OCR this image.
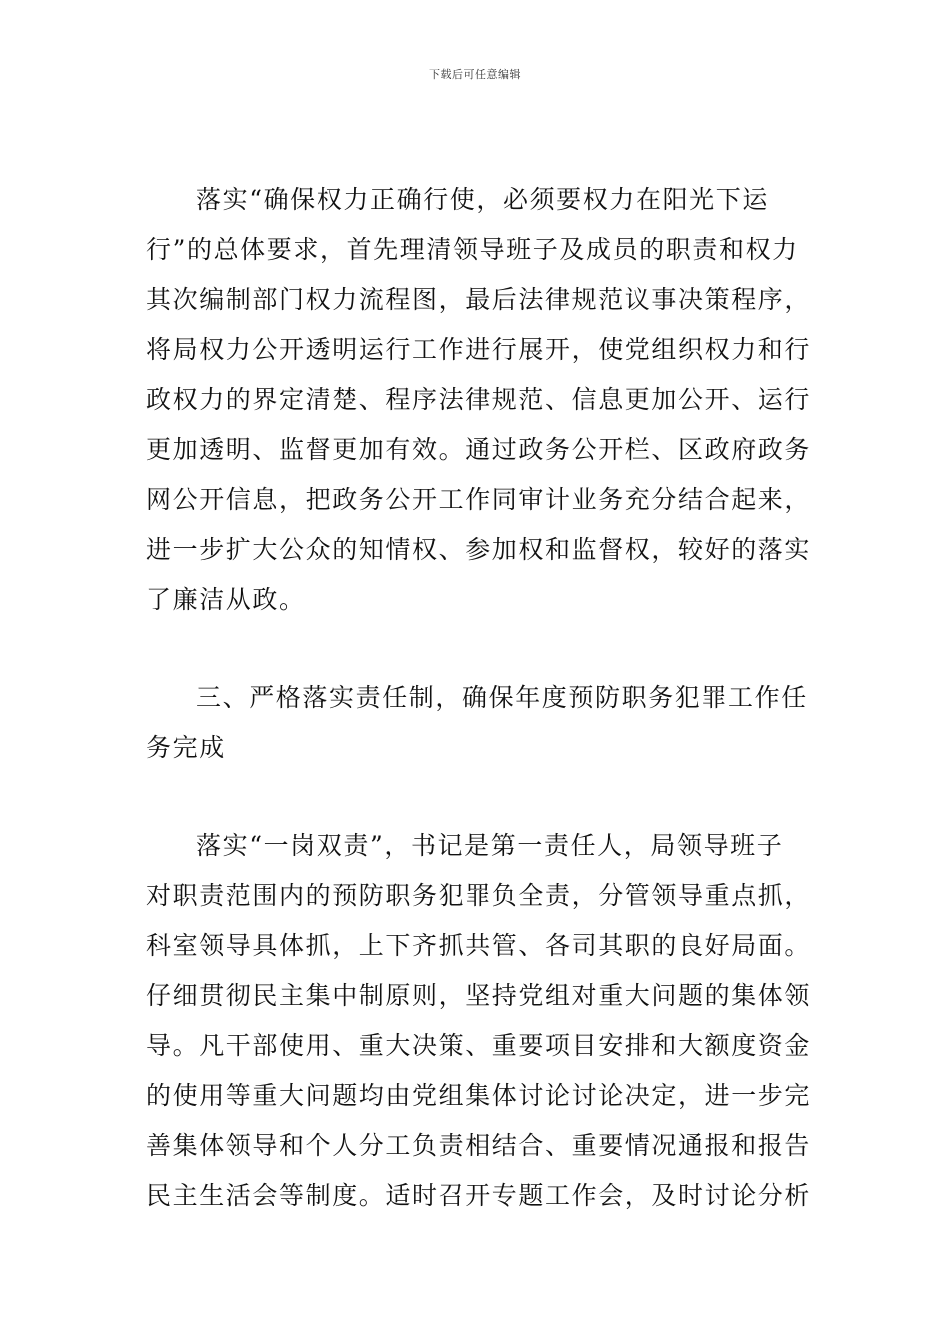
下载后可任意编辑
落实“确保权力正确行使，必须要权力在阳光下运
行”的总体要求，首先理清领导班子及成员的职责和权力
其次编制部门权力流程图，最后法律规范议事决策程序，
将局权力公开透明运行工作进行展开，使党组织权力和行
政权力的界定清楚、程序法律规范、信息更加公开、运行
更加透明、监督更加有效。通过政务公开栏、区政府政务
网公开信息，把政务公开工作同审计业务充分结合起来，
进一步扩大公众的知情权、参加权和监督权，较好的落实
了廉洁从政。
三、严格落实责任制，确保年度预防职务犯罪工作任
务完成
落实“一岗双责”，书记是第一责任人，局领导班子
对职责范围内的预防职务犯罪负全责，分管领导重点抓，
科室领导具体抓，上下齐抓共管、各司其职的良好局面。
仔细贯彻民主集中制原则，坚持党组对重大问题的集体领
导。凡干部使用、重大决策、重要项目安排和大额度资金
的使用等重大问题均由党组集体讨论讨论决定，进一步完
善集体领导和个人分工负责相结合、重要情况通报和报告
民主生活会等制度。适时召开专题工作会，及时讨论分析
